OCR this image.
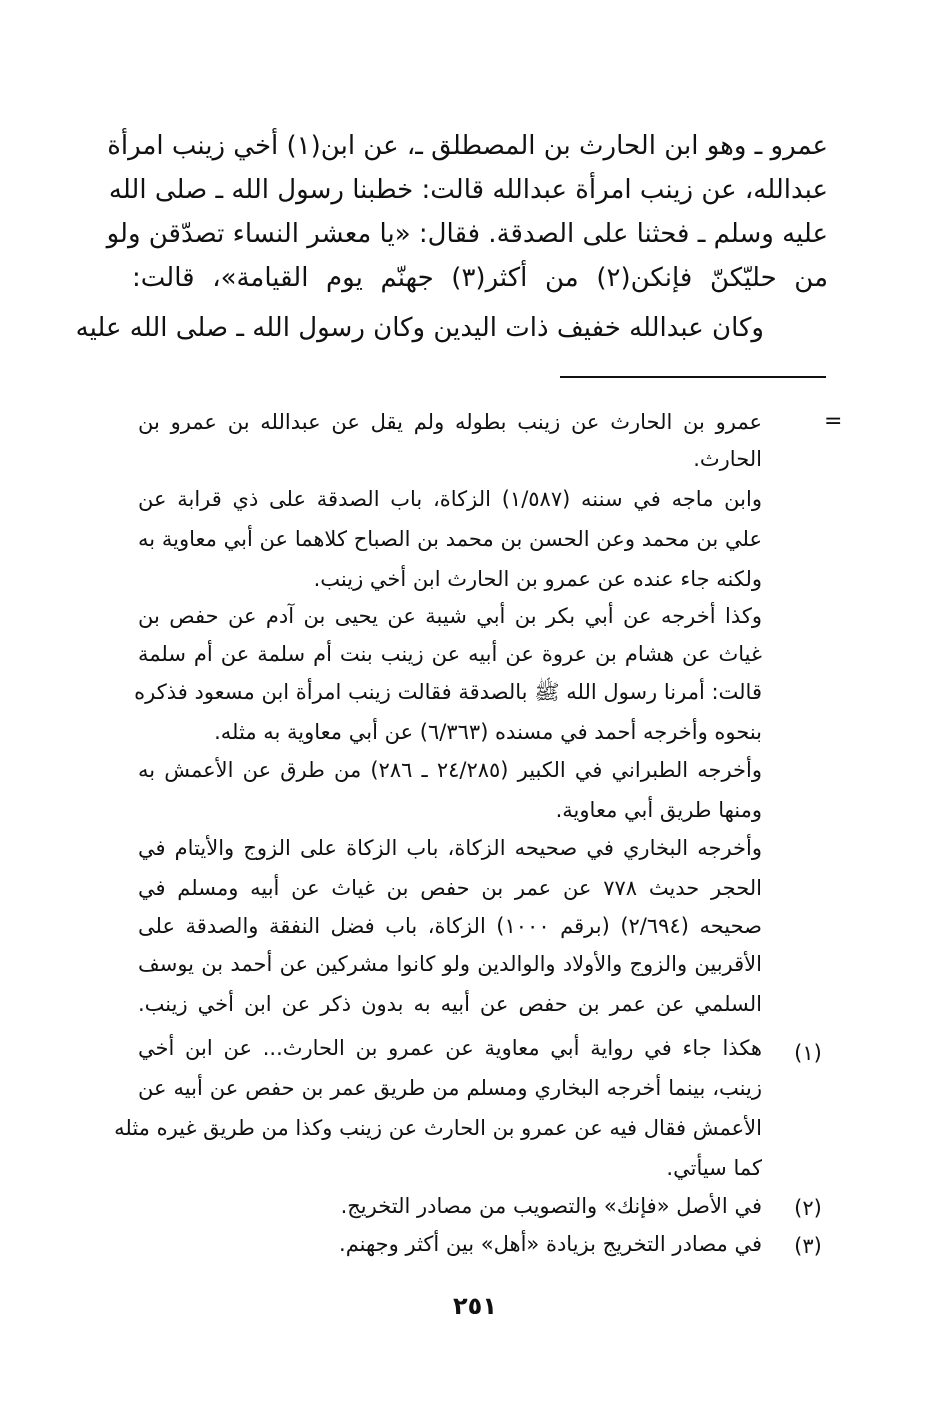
عمرو ـ وهو ابن الحارث بن المصطلق ـ، عن ابن(١) أخي زينب امرأة
عبدالله، عن زينب امرأة عبدالله قالت: خطبنا رسول الله ـ صلى الله
عليه وسلم ـ فحثنا على الصدقة. فقال: «يا معشر النساء تصدّقن ولو
من حليّكنّ فإنكن(٢) من أكثر(٣) جهنّم يوم القيامة»، قالت:
وكان عبدالله خفيف ذات اليدين وكان رسول الله ـ صلى الله عليه
=
عمرو بن الحارث عن زينب بطوله ولم يقل عن عبدالله بن عمرو بن
الحارث.
وابن ماجه في سننه (١/٥٨٧) الزكاة، باب الصدقة على ذي قرابة عن
علي بن محمد وعن الحسن بن محمد بن الصباح كلاهما عن أبي معاوية به
ولكنه جاء عنده عن عمرو بن الحارث ابن أخي زينب.
وكذا أخرجه عن أبي بكر بن أبي شيبة عن يحيى بن آدم عن حفص بن
غياث عن هشام بن عروة عن أبيه عن زينب بنت أم سلمة عن أم سلمة
قالت: أمرنا رسول الله ﷺ بالصدقة فقالت زينب امرأة ابن مسعود فذكره
بنحوه وأخرجه أحمد في مسنده (٦/٣٦٣) عن أبي معاوية به مثله.
وأخرجه الطبراني في الكبير (٢٤/٢٨٥ ـ ٢٨٦) من طرق عن الأعمش به
ومنها طريق أبي معاوية.
وأخرجه البخاري في صحيحه الزكاة، باب الزكاة على الزوج والأيتام في
الحجر حديث ٧٧٨ عن عمر بن حفص بن غياث عن أبيه ومسلم في
صحيحه (٢/٦٩٤) (برقم ١٠٠٠) الزكاة، باب فضل النفقة والصدقة على
الأقربين والزوج والأولاد والوالدين ولو كانوا مشركين عن أحمد بن يوسف
السلمي عن عمر بن حفص عن أبيه به بدون ذكر عن ابن أخي زينب.
(١)
هكذا جاء في رواية أبي معاوية عن عمرو بن الحارث... عن ابن أخي
زينب، بينما أخرجه البخاري ومسلم من طريق عمر بن حفص عن أبيه عن
الأعمش فقال فيه عن عمرو بن الحارث عن زينب وكذا من طريق غيره مثله
كما سيأتي.
(٢)
في الأصل «فإنك» والتصويب من مصادر التخريج.
(٣)
في مصادر التخريج بزيادة «أهل» بين أكثر وجهنم.
٢٥١
